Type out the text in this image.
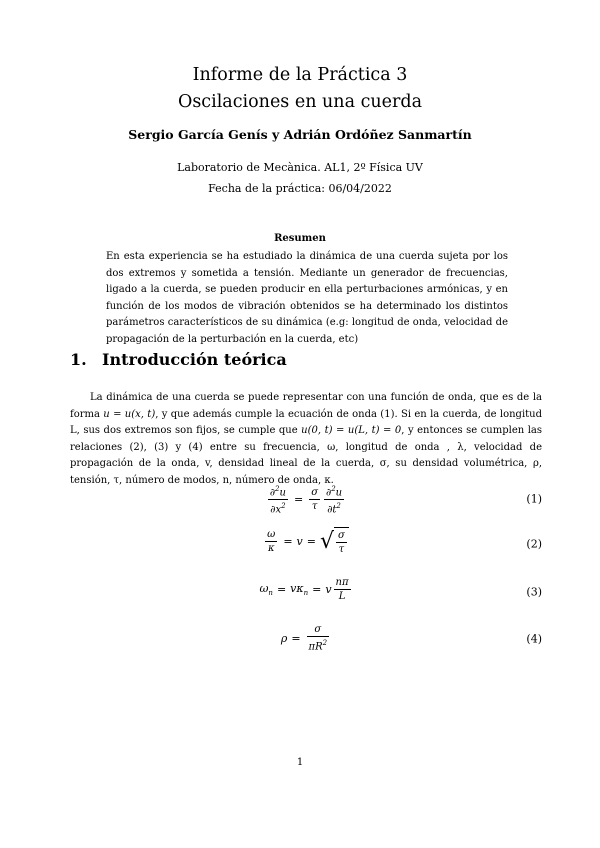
Informe de la Práctica 3
Oscilaciones en una cuerda
Sergio García Genís y Adrián Ordóñez Sanmartín
Laboratorio de Mecànica. AL1, 2º Física UV
Fecha de la práctica: 06/04/2022
Resumen
En esta experiencia se ha estudiado la dinámica de una cuerda sujeta por los dos extremos y sometida a tensión. Mediante un generador de frecuencias, ligado a la cuerda, se pueden producir en ella perturbaciones armónicas, y en función de los modos de vibración obtenidos se ha determinado los distintos parámetros característicos de su dinámica (e.g: longitud de onda, velocidad de propagación de la perturbación en la cuerda, etc)
1. Introducción teórica

La dinámica de una cuerda se puede representar con una función de onda, que es de la forma u = u(x, t), y que además cumple la ecuación de onda (1). Si en la cuerda, de longitud L, sus dos extremos son fijos, se cumple que u(0, t) = u(L, t) = 0, y entonces se cumplen las relaciones (2), (3) y (4) entre su frecuencia, ω, longitud de onda , λ, velocidad de propagación de la onda, v, densidad lineal de la cuerda, σ, su densidad volumétrica, ρ, tensión, τ, número de modos, n, número de onda, κ.

$\frac{\partial^2u}{\partial x^2} = \frac{\sigma}{\tau} \frac{\partial^2u}{\partial t^2}$	(1)
$\frac{\omega}{\kappa} = v$ = √ $\frac{\sigma}{\tau}$	(2)
$\omega_n = v\kappa_n = v \frac{n\pi}{L}$	(3)
$\rho = \frac{\sigma}{\pi R^2}$	(4)
1
